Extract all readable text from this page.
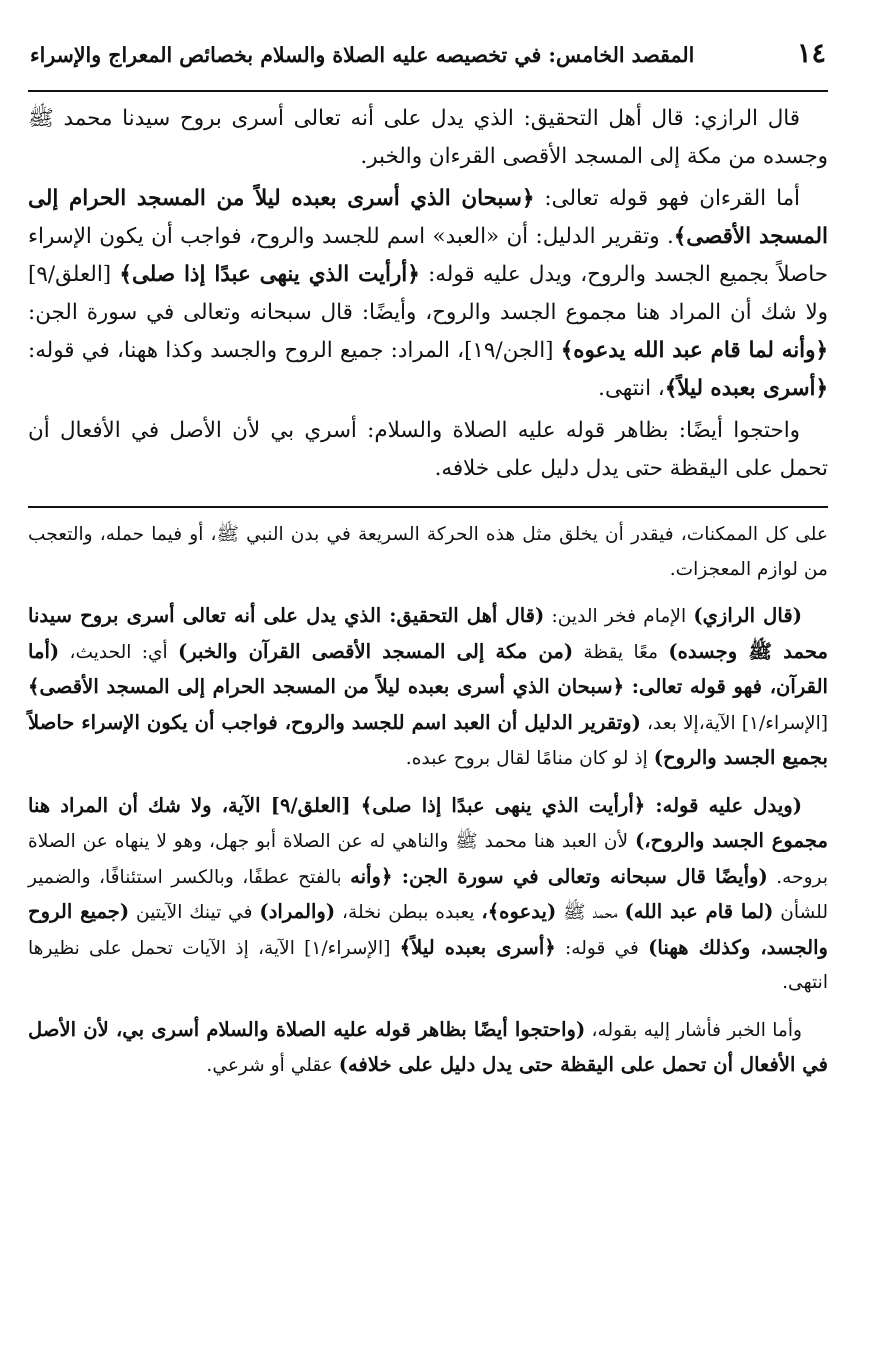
١٤
المقصد الخامس: في تخصيصه عليه الصلاة والسلام بخصائص المعراج والإسراء

قال الرازي: قال أهل التحقيق: الذي يدل على أنه تعالى أسرى بروح سيدنا محمد ﷺ وجسده من مكة إلى المسجد الأقصى القرءان والخبر.

أما القرءان فهو قوله تعالى: ﴿سبحان الذي أسرى بعبده ليلاً من المسجد الحرام إلى المسجد الأقصى﴾. وتقرير الدليل: أن «العبد» اسم للجسد والروح، فواجب أن يكون الإسراء حاصلاً بجميع الجسد والروح، ويدل عليه قوله: ﴿أرأيت الذي ينهى عبدًا إذا صلى﴾ [العلق/٩] ولا شك أن المراد هنا مجموع الجسد والروح، وأيضًا: قال سبحانه وتعالى في سورة الجن: ﴿وأنه لما قام عبد الله يدعوه﴾ [الجن/١٩]، المراد: جميع الروح والجسد وكذا ههنا، في قوله: ﴿أسرى بعبده ليلاً﴾، انتهى.

واحتجوا أيضًا: بظاهر قوله عليه الصلاة والسلام: أسري بي لأن الأصل في الأفعال أن تحمل على اليقظة حتى يدل دليل على خلافه.

على كل الممكنات، فيقدر أن يخلق مثل هذه الحركة السريعة في بدن النبي ﷺ، أو فيما حمله، والتعجب من لوازم المعجزات.

(قال الرازي) الإمام فخر الدين: (قال أهل التحقيق: الذي يدل على أنه تعالى أسرى بروح سيدنا محمد ﷺ وجسده) معًا يقظة (من مكة إلى المسجد الأقصى القرآن والخبر) أي: الحديث، (أما القرآن، فهو قوله تعالى: ﴿سبحان الذي أسرى بعبده ليلاً من المسجد الحرام إلى المسجد الأقصى﴾ [الإسراء/١] الآية،إلا بعد، (وتقرير الدليل أن العبد اسم للجسد والروح، فواجب أن يكون الإسراء حاصلاً بجميع الجسد والروح) إذ لو كان منامًا لقال بروح عبده.

(ويدل عليه قوله: ﴿أرأيت الذي ينهى عبدًا إذا صلى﴾ [العلق/٩] الآية، ولا شك أن المراد هنا مجموع الجسد والروح،) لأن العبد هنا محمد ﷺ والناهي له عن الصلاة أبو جهل، وهو لا ينهاه عن الصلاة بروحه. (وأيضًا قال سبحانه وتعالى في سورة الجن: ﴿وأنه بالفتح عطفًا، وبالكسر استئنافًا، والضمير للشأن (لما قام عبد الله) محمد ﷺ (يدعوه﴾، يعبده ببطن نخلة، (والمراد) في تينك الآيتين (جميع الروح والجسد، وكذلك ههنا) في قوله: ﴿أسرى بعبده ليلاً﴾ [الإسراء/١] الآية، إذ الآيات تحمل على نظيرها انتهى.

وأما الخبر فأشار إليه بقوله، (واحتجوا أيضًا بظاهر قوله عليه الصلاة والسلام أسرى بي، لأن الأصل في الأفعال أن تحمل على اليقظة حتى يدل دليل على خلافه) عقلي أو شرعي.
